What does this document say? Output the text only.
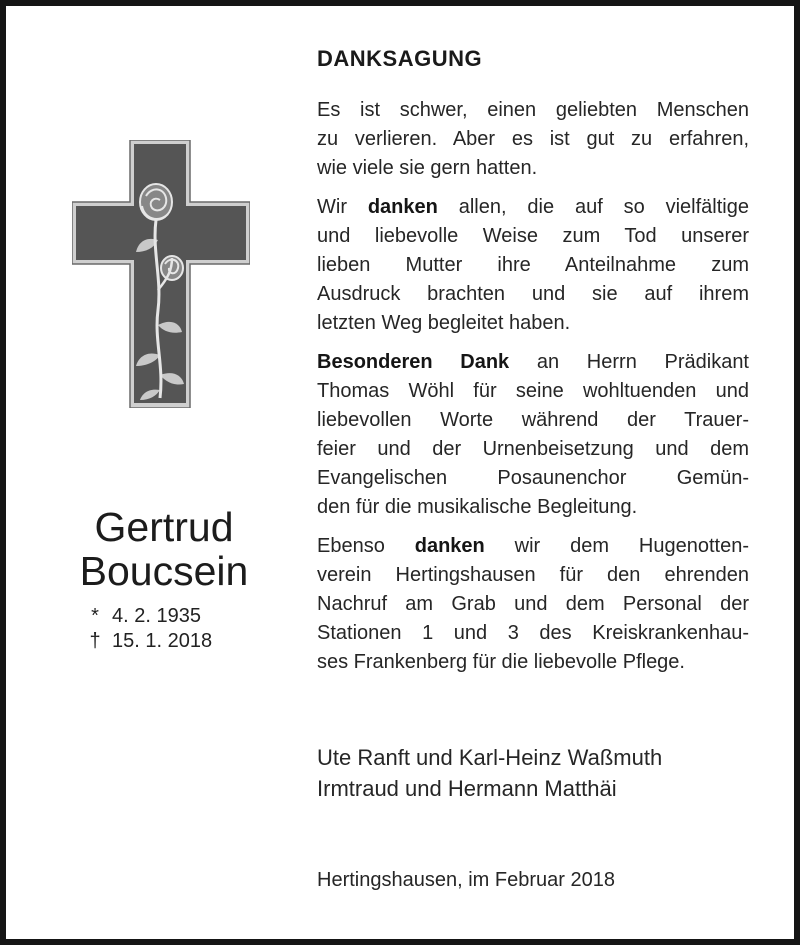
Gertrud
Boucsein
* 4. 2. 1935
† 15. 1. 2018
DANKSAGUNG
Es ist schwer, einen geliebten Menschen
zu verlieren. Aber es ist gut zu erfahren,
wie viele sie gern hatten.
Wir danken allen, die auf so vielfältige
und liebevolle Weise zum Tod unserer
lieben Mutter ihre Anteilnahme zum
Ausdruck brachten und sie auf ihrem
letzten Weg begleitet haben.
Besonderen Dank an Herrn Prädikant
Thomas Wöhl für seine wohltuenden und
liebevollen Worte während der Trauer-
feier und der Urnenbeisetzung und dem
Evangelischen Posaunenchor Gemün-
den für die musikalische Begleitung.
Ebenso danken wir dem Hugenotten-
verein Hertingshausen für den ehrenden
Nachruf am Grab und dem Personal der
Stationen 1 und 3 des Kreiskrankenhau-
ses Frankenberg für die liebevolle Pflege.
Ute Ranft und Karl-Heinz Waßmuth
Irmtraud und Hermann Matthäi
Hertingshausen, im Februar 2018
